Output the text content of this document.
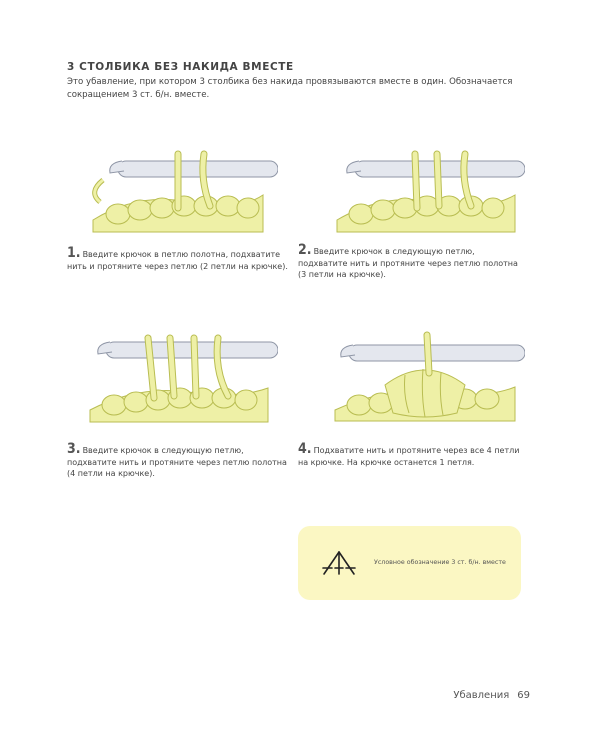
3 СТОЛБИКА БЕЗ НАКИДА ВМЕСТЕ
Это убавление, при котором 3 столбика без накида провязываются вместе в один. Обозначается сокращением 3 ст. б/н. вместе.
1. Введите крючок в петлю полотна, подхватите нить и протяните через петлю (2 петли на крючке).
2. Введите крючок в следующую петлю, подхватите нить и протяните через петлю полотна (3 петли на крючке).
3. Введите крючок в следующую петлю, подхватите нить и протяните через петлю полотна (4 петли на крючке).
4. Подхватите нить и протяните через все 4 петли на крючке. На крючке останется 1 петля.
Условное обозначение 3 ст. б/н. вместе
Убавления 69
